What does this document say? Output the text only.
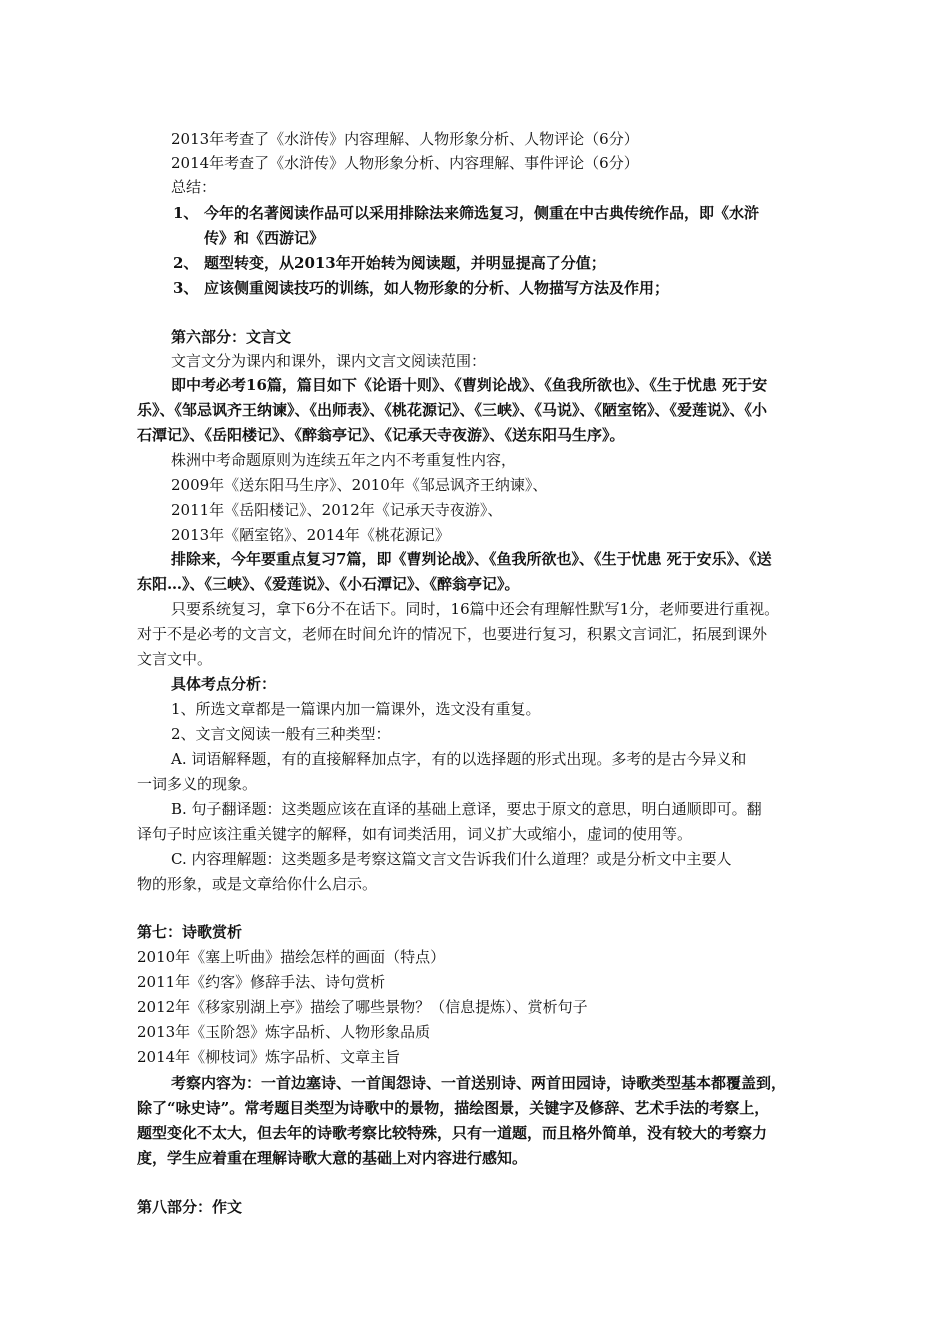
2013年考查了《水浒传》内容理解、人物形象分析、人物评论（6分）
2014年考查了《水浒传》人物形象分析、内容理解、事件评论（6分）
总结：
1、 今年的名著阅读作品可以采用排除法来筛选复习，侧重在中古典传统作品，即《水浒
传》和《西游记》
2、 题型转变，从2013年开始转为阅读题，并明显提高了分值；
3、 应该侧重阅读技巧的训练，如人物形象的分析、人物描写方法及作用；
第六部分：文言文
文言文分为课内和课外，课内文言文阅读范围：
即中考必考16篇，篇目如下《论语十则》、《曹刿论战》、《鱼我所欲也》、《生于忧患 死于安
乐》、《邹忌讽齐王纳谏》、《出师表》、《桃花源记》、《三峡》、《马说》、《陋室铭》、《爱莲说》、《小
石潭记》、《岳阳楼记》、《醉翁亭记》、《记承天寺夜游》、《送东阳马生序》。
株洲中考命题原则为连续五年之内不考重复性内容，
2009年《送东阳马生序》、2010年《邹忌讽齐王纳谏》、
2011年《岳阳楼记》、2012年《记承天寺夜游》、
2013年《陋室铭》、2014年《桃花源记》
排除来，今年要重点复习7篇，即《曹刿论战》、《鱼我所欲也》、《生于忧患 死于安乐》、《送
东阳…》、《三峡》、《爱莲说》、《小石潭记》、《醉翁亭记》。
只要系统复习，拿下6分不在话下。同时，16篇中还会有理解性默写1分，老师要进行重视。
对于不是必考的文言文，老师在时间允许的情况下，也要进行复习，积累文言词汇，拓展到课外
文言文中。
具体考点分析：
1、所选文章都是一篇课内加一篇课外，选文没有重复。
2、文言文阅读一般有三种类型：
A. 词语解释题，有的直接解释加点字，有的以选择题的形式出现。多考的是古今异义和
一词多义的现象。
B. 句子翻译题：这类题应该在直译的基础上意译，要忠于原文的意思，明白通顺即可。翻
译句子时应该注重关键字的解释，如有词类活用，词义扩大或缩小，虚词的使用等。
C. 内容理解题：这类题多是考察这篇文言文告诉我们什么道理？或是分析文中主要人
物的形象，或是文章给你什么启示。
第七：诗歌赏析
2010年《塞上听曲》描绘怎样的画面（特点）
2011年《约客》修辞手法、诗句赏析
2012年《移家别湖上亭》描绘了哪些景物？（信息提炼）、赏析句子
2013年《玉阶怨》炼字品析、人物形象品质
2014年《柳枝词》炼字品析、文章主旨
考察内容为：一首边塞诗、一首闺怨诗、一首送别诗、两首田园诗，诗歌类型基本都覆盖到，
除了“咏史诗”。常考题目类型为诗歌中的景物，描绘图景，关键字及修辞、艺术手法的考察上，
题型变化不太大，但去年的诗歌考察比较特殊，只有一道题，而且格外简单，没有较大的考察力
度，学生应着重在理解诗歌大意的基础上对内容进行感知。
第八部分：作文
